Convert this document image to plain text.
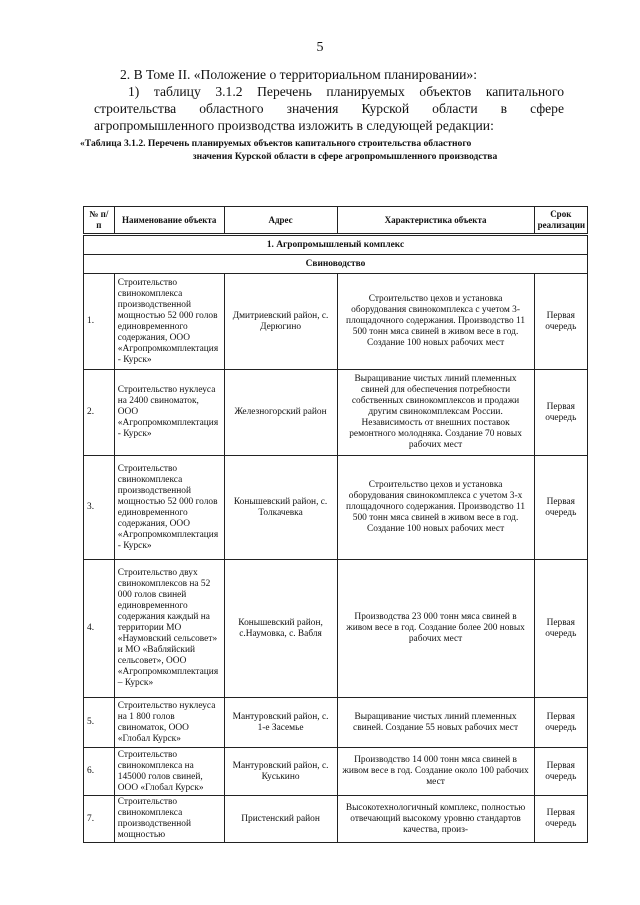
5

2. В Томе II. «Положение о территориальном планировании»:

1) таблицу 3.1.2 Перечень планируемых объектов капитального строительства областного значения Курской области в сфере агропромышленного производства изложить в следующей редакции:

«Таблица 3.1.2. Перечень планируемых объектов капитального строительства областного
значения Курской области в сфере агропромышленного производства
№ п/п	Наименование объекта	Адрес	Характеристика объекта	Срок реализации
1. Агропромышленый комплекс				
Свиноводство				
1.	Строительство свинокомплекса производственной мощностью 52 000 голов единовременного содержания, ООО «Агропромкомплектация - Курск»	Дмитриевский район, с. Дерюгино	Строительство цехов и установка оборудования свинокомплекса с учетом 3-площадочного содержания. Производство 11 500 тонн мяса свиней в живом весе в год. Создание 100 новых рабочих мест	Первая очередь
2.	Строительство нуклеуса на 2400 свиноматок, ООО «Агропромкомплектация - Курск»	Железногорский район	Выращивание чистых линий племенных свиней для обеспечения потребности собственных свинокомплексов и продажи другим свинокомплексам России. Независимость от внешних поставок ремонтного молодняка. Создание 70 новых рабочих мест	Первая очередь
3.	Строительство свинокомплекса производственной мощностью 52 000 голов единовременного содержания, ООО «Агропромкомплектация - Курск»	Конышевский район, с. Толкачевка	Строительство цехов и установка оборудования свинокомплекса с учетом 3-х площадочного содержания. Производство 11 500 тонн мяса свиней в живом весе в год. Создание 100 новых рабочих мест	Первая очередь
4.	Строительство двух свинокомплексов на 52 000 голов свиней единовременного содержания каждый на территории МО «Наумовский сельсовет» и МО «Вабляйский сельсовет», ООО «Агропромкомплектация – Курск»	Конышевский район, с.Наумовка, с. Вабля	Производства 23 000 тонн мяса свиней в живом весе в год. Создание более 200 новых рабочих мест	Первая очередь
5.	Строительство нуклеуса на 1 800 голов свиноматок, ООО «Глобал Курск»	Мантуровский район, с. 1-е Засемье	Выращивание чистых линий племенных свиней. Создание 55 новых рабочих мест	Первая очередь
6.	Строительство свинокомплекса на 145000 голов свиней, ООО «Глобал Курск»	Мантуровский район, с. Куськино	Производство 14 000 тонн мяса свиней в живом весе в год. Создание около 100 рабочих мест	Первая очередь
7.	Строительство свинокомплекса производственной мощностью	Пристенский район	Высокотехнологичный комплекс, полностью отвечающий высокому уровню стандартов качества, произ-	Первая очередь
